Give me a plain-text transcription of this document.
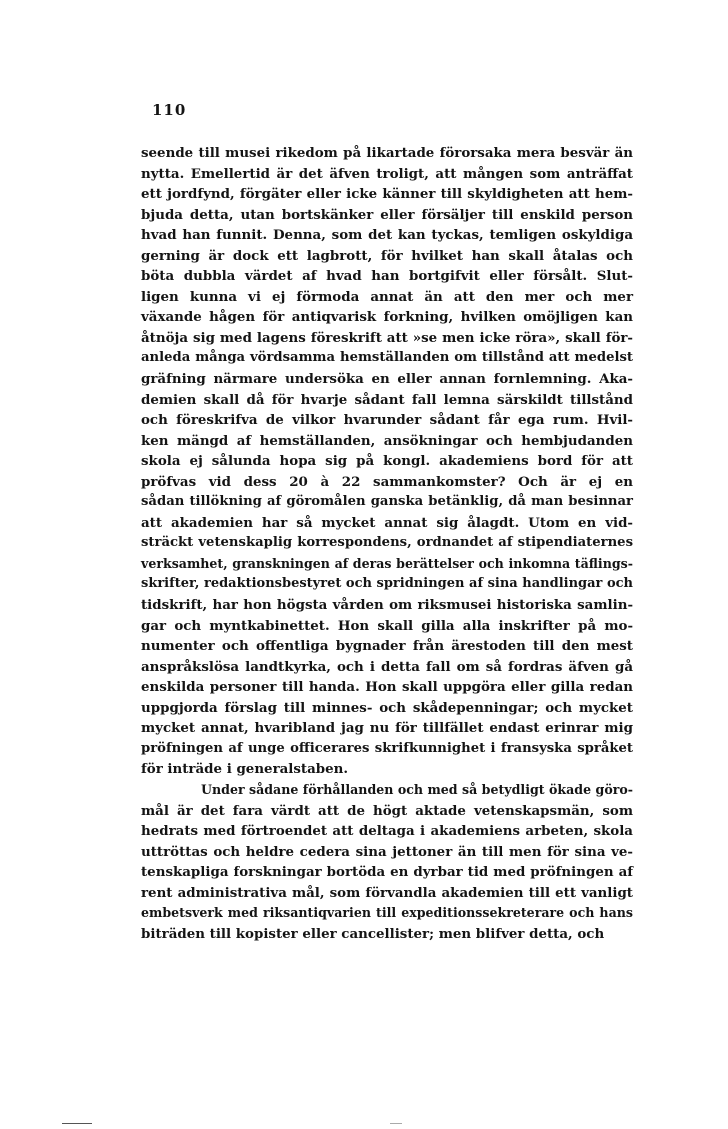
110
seende till musei rikedom på likartade förorsaka mera besvär än
nytta. Emellertid är det äfven troligt, att mången som anträffat
ett jordfynd, förgäter eller icke känner till skyldigheten att hem-
bjuda detta, utan bortskänker eller försäljer till enskild person
hvad han funnit. Denna, som det kan tyckas, temligen oskyldiga
gerning är dock ett lagbrott, för hvilket han skall åtalas och
böta dubbla värdet af hvad han bortgifvit eller försålt. Slut-
ligen kunna vi ej förmoda annat än att den mer och mer
växande hågen för antiqvarisk forkning, hvilken omöjligen kan
åtnöja sig med lagens föreskrift att »se men icke röra», skall för-
anleda många vördsamma hemställanden om tillstånd att medelst
gräfning närmare undersöka en eller annan fornlemning. Aka-
demien skall då för hvarje sådant fall lemna särskildt tillstånd
och föreskrifva de vilkor hvarunder sådant får ega rum. Hvil-
ken mängd af hemställanden, ansökningar och hembjudanden
skola ej sålunda hopa sig på kongl. akademiens bord för att
pröfvas vid dess 20 à 22 sammankomster? Och är ej en
sådan tillökning af göromålen ganska betänklig, då man besinnar
att akademien har så mycket annat sig ålagdt. Utom en vid-
sträckt vetenskaplig korrespondens, ordnandet af stipendiaternes
verksamhet, granskningen af deras berättelser och inkomna täflings-
skrifter, redaktionsbestyret och spridningen af sina handlingar och
tidskrift, har hon högsta vården om riksmusei historiska samlin-
gar och myntkabinettet. Hon skall gilla alla inskrifter på mo-
numenter och offentliga bygnader från ärestoden till den mest
anspråkslösa landtkyrka, och i detta fall om så fordras äfven gå
enskilda personer till handa. Hon skall uppgöra eller gilla redan
uppgjorda förslag till minnes- och skådepenningar; och mycket
mycket annat, hvaribland jag nu för tillfället endast erinrar mig
pröfningen af unge officerares skrifkunnighet i fransyska språket
för inträde i generalstaben.
Under sådane förhållanden och med så betydligt ökade göro-
mål är det fara värdt att de högt aktade vetenskapsmän, som
hedrats med förtroendet att deltaga i akademiens arbeten, skola
uttröttas och heldre cedera sina jettoner än till men för sina ve-
tenskapliga forskningar bortöda en dyrbar tid med pröfningen af
rent administrativa mål, som förvandla akademien till ett vanligt
embetsverk med riksantiqvarien till expeditionssekreterare och hans
biträden till kopister eller cancellister; men blifver detta, och
